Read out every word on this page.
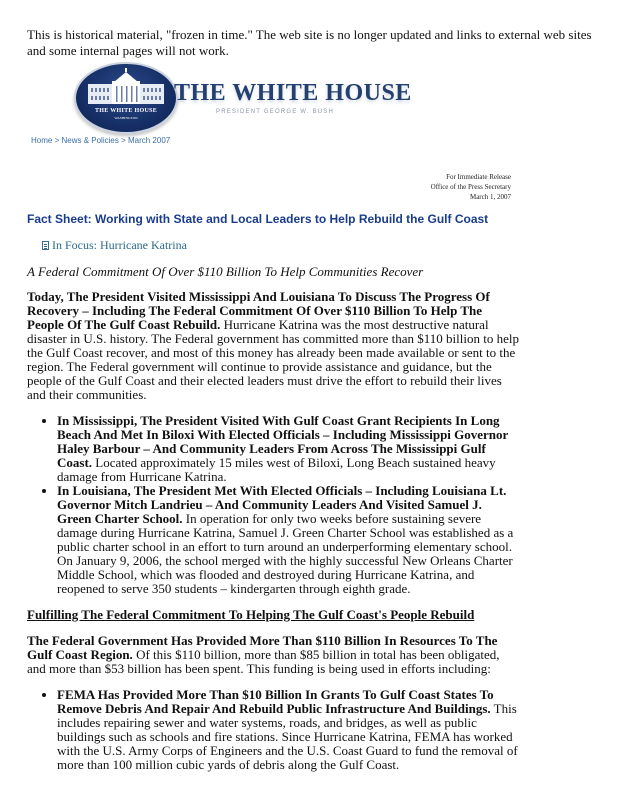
This is historical material, "frozen in time." The web site is no longer updated and links to external web sites and some internal pages will not work.
THE WHITE HOUSE
WASHINGTON
THE WHITE HOUSE
PRESIDENT GEORGE W. BUSH
Home > News & Policies > March 2007
For Immediate Release
Office of the Press Secretary
March 1, 2007
Fact Sheet: Working with State and Local Leaders to Help Rebuild the Gulf Coast
In Focus: Hurricane Katrina
A Federal Commitment Of Over $110 Billion To Help Communities Recover

Today, The President Visited Mississippi And Louisiana To Discuss The Progress Of Recovery – Including The Federal Commitment Of Over $110 Billion To Help The People Of The Gulf Coast Rebuild. Hurricane Katrina was the most destructive natural disaster in U.S. history. The Federal government has committed more than $110 billion to help the Gulf Coast recover, and most of this money has already been made available or sent to the region. The Federal government will continue to provide assistance and guidance, but the people of the Gulf Coast and their elected leaders must drive the effort to rebuild their lives and their communities.

• In Mississippi, The President Visited With Gulf Coast Grant Recipients In Long Beach And Met In Biloxi With Elected Officials – Including Mississippi Governor Haley Barbour – And Community Leaders From Across The Mississippi Gulf Coast. Located approximately 15 miles west of Biloxi, Long Beach sustained heavy damage from Hurricane Katrina.
• In Louisiana, The President Met With Elected Officials – Including Louisiana Lt. Governor Mitch Landrieu – And Community Leaders And Visited Samuel J. Green Charter School. In operation for only two weeks before sustaining severe damage during Hurricane Katrina, Samuel J. Green Charter School was established as a public charter school in an effort to turn around an underperforming elementary school. On January 9, 2006, the school merged with the highly successful New Orleans Charter Middle School, which was flooded and destroyed during Hurricane Katrina, and reopened to serve 350 students – kindergarten through eighth grade.

Fulfilling The Federal Commitment To Helping The Gulf Coast's People Rebuild

The Federal Government Has Provided More Than $110 Billion In Resources To The Gulf Coast Region. Of this $110 billion, more than $85 billion in total has been obligated, and more than $53 billion has been spent. This funding is being used in efforts including:

• FEMA Has Provided More Than $10 Billion In Grants To Gulf Coast States To Remove Debris And Repair And Rebuild Public Infrastructure And Buildings. This includes repairing sewer and water systems, roads, and bridges, as well as public buildings such as schools and fire stations. Since Hurricane Katrina, FEMA has worked with the U.S. Army Corps of Engineers and the U.S. Coast Guard to fund the removal of more than 100 million cubic yards of debris along the Gulf Coast.
